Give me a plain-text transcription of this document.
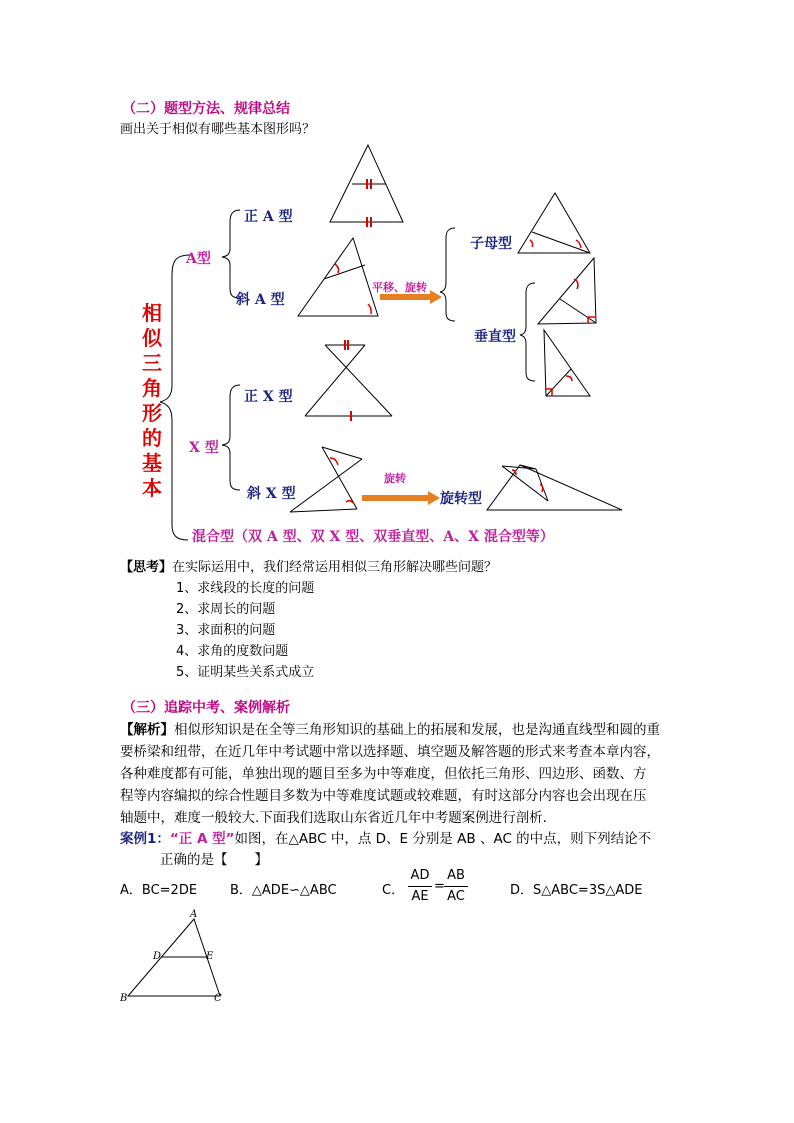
（二）题型方法、规律总结
画出关于相似有哪些基本图形吗？
相
似
三
角
形
的
基
本
A型
正 A 型
斜 A 型
平移、旋转
子母型
垂直型
X 型
正 X 型
斜 X 型
旋转
旋转型
混合型（双 A 型、双 X 型、双垂直型、A、X 混合型等）
【思考】在实际运用中，我们经常运用相似三角形解决哪些问题？
1、求线段的长度的问题
2、求周长的问题
3、求面积的问题
4、求角的度数问题
5、证明某些关系式成立
（三）追踪中考、案例解析
【解析】相似形知识是在全等三角形知识的基础上的拓展和发展，也是沟通直线型和圆的重
要桥梁和纽带，在近几年中考试题中常以选择题、填空题及解答题的形式来考查本章内容，
各种难度都有可能，单独出现的题目至多为中等难度，但依托三角形、四边形、函数、方
程等内容编拟的综合性题目多数为中等难度试题或较难题，有时这部分内容也会出现在压
轴题中，难度一般较大.下面我们选取山东省近几年中考题案例进行剖析．
案例1：“正 A 型”如图，在△ABC 中，点 D、E 分别是 AB 、AC 的中点，则下列结论不
正确的是【　　】
A．BC=2DE	B．△ADE∽△ABC	C．
AD
AE
=
AB
AC	D．S△ABC=3S△ADE
A
B	C
D	E
